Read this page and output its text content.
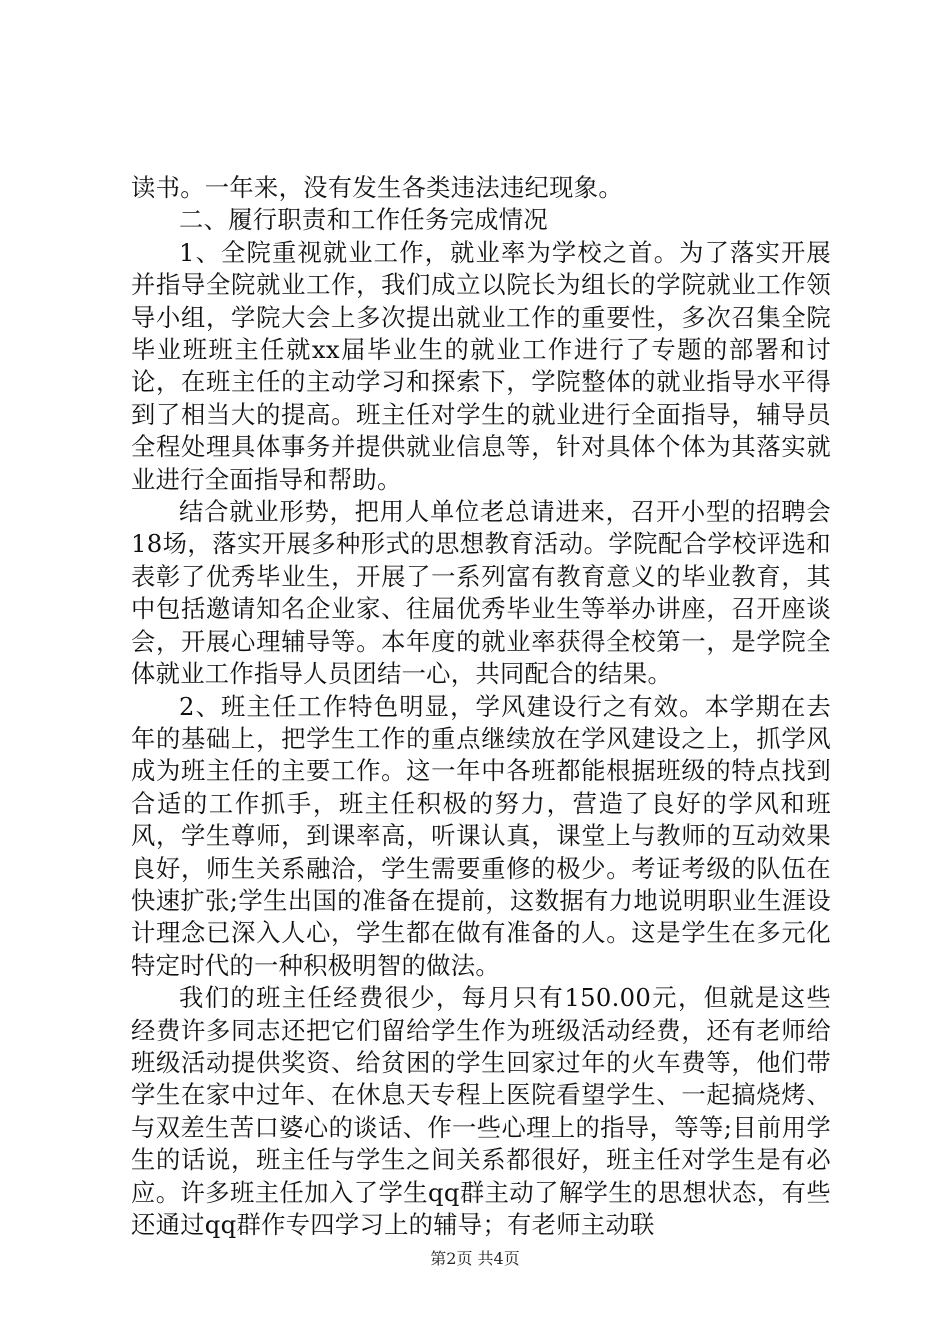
读书。一年来，没有发生各类违法违纪现象。

二、履行职责和工作任务完成情况

1、全院重视就业工作，就业率为学校之首。为了落实开展并指导全院就业工作，我们成立以院长为组长的学院就业工作领导小组，学院大会上多次提出就业工作的重要性，多次召集全院毕业班班主任就xx届毕业生的就业工作进行了专题的部署和讨论，在班主任的主动学习和探索下，学院整体的就业指导水平得到了相当大的提高。班主任对学生的就业进行全面指导，辅导员全程处理具体事务并提供就业信息等，针对具体个体为其落实就业进行全面指导和帮助。

结合就业形势，把用人单位老总请进来，召开小型的招聘会18场，落实开展多种形式的思想教育活动。学院配合学校评选和表彰了优秀毕业生，开展了一系列富有教育意义的毕业教育，其中包括邀请知名企业家、往届优秀毕业生等举办讲座，召开座谈会，开展心理辅导等。本年度的就业率获得全校第一，是学院全体就业工作指导人员团结一心，共同配合的结果。

2、班主任工作特色明显，学风建设行之有效。本学期在去年的基础上，把学生工作的重点继续放在学风建设之上，抓学风成为班主任的主要工作。这一年中各班都能根据班级的特点找到合适的工作抓手，班主任积极的努力，营造了良好的学风和班风，学生尊师，到课率高，听课认真，课堂上与教师的互动效果良好，师生关系融洽，学生需要重修的极少。考证考级的队伍在快速扩张;学生出国的准备在提前，这数据有力地说明职业生涯设计理念已深入人心，学生都在做有准备的人。这是学生在多元化特定时代的一种积极明智的做法。

我们的班主任经费很少，每月只有150.00元，但就是这些经费许多同志还把它们留给学生作为班级活动经费，还有老师给班级活动提供奖资、给贫困的学生回家过年的火车费等，他们带学生在家中过年、在休息天专程上医院看望学生、一起搞烧烤、与双差生苦口婆心的谈话、作一些心理上的指导，等等;目前用学生的话说，班主任与学生之间关系都很好，班主任对学生是有必应。许多班主任加入了学生qq群主动了解学生的思想状态，有些还通过qq群作专四学习上的辅导；有老师主动联

第2页 共4页
